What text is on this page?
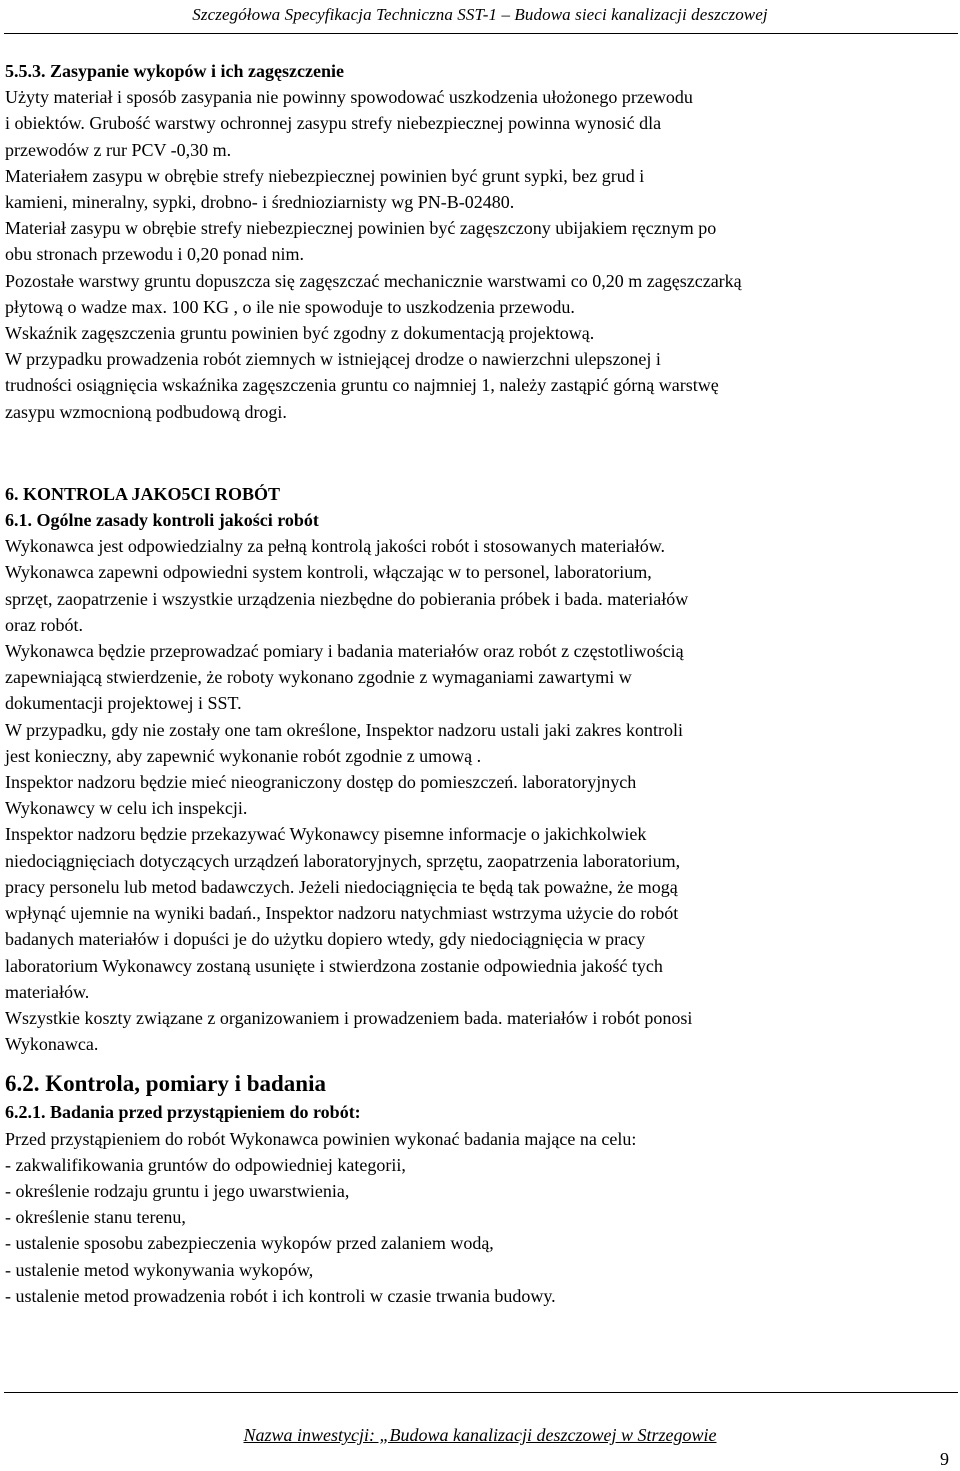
Szczegółowa Specyfikacja Techniczna SST-1 – Budowa sieci kanalizacji deszczowej
5.5.3. Zasypanie wykopów i ich zagęszczenie
Użyty materiał i sposób zasypania nie powinny spowodować uszkodzenia ułożonego przewodu
i obiektów. Grubość warstwy ochronnej zasypu strefy niebezpiecznej powinna wynosić dla
przewodów z rur PCV -0,30 m.
Materiałem zasypu w obrębie strefy niebezpiecznej powinien być grunt sypki, bez grud i
kamieni, mineralny, sypki, drobno- i średnioziarnisty wg PN-B-02480.
Materiał zasypu w obrębie strefy niebezpiecznej powinien być zagęszczony ubijakiem ręcznym po
obu stronach przewodu i 0,20 ponad nim.
Pozostałe warstwy gruntu dopuszcza się zagęszczać mechanicznie warstwami co 0,20 m zagęszczarką
płytową o wadze max. 100 KG , o ile nie spowoduje to uszkodzenia przewodu.
Wskaźnik zagęszczenia gruntu powinien być zgodny z dokumentacją projektową.
W przypadku prowadzenia robót ziemnych w istniejącej drodze o nawierzchni ulepszonej i
trudności osiągnięcia wskaźnika zagęszczenia gruntu co najmniej 1, należy zastąpić górną warstwę
zasypu wzmocnioną podbudową drogi.
6. KONTROLA JAKO5CI ROBÓT
6.1. Ogólne zasady kontroli jakości robót
Wykonawca jest odpowiedzialny za pełną kontrolą jakości robót i stosowanych materiałów.
Wykonawca zapewni odpowiedni system kontroli, włączając w to personel, laboratorium,
sprzęt, zaopatrzenie i wszystkie urządzenia niezbędne do pobierania próbek i bada. materiałów
oraz robót.
Wykonawca będzie przeprowadzać pomiary i badania materiałów oraz robót z częstotliwością
zapewniającą stwierdzenie, że roboty wykonano zgodnie z wymaganiami zawartymi w
dokumentacji projektowej i SST.
W przypadku, gdy nie zostały one tam określone, Inspektor nadzoru ustali jaki zakres kontroli
jest konieczny, aby zapewnić wykonanie robót zgodnie z umową .
Inspektor nadzoru będzie mieć nieograniczony dostęp do pomieszczeń. laboratoryjnych
Wykonawcy w celu ich inspekcji.
Inspektor nadzoru będzie przekazywać Wykonawcy pisemne informacje o jakichkolwiek
niedociągnięciach dotyczących urządzeń laboratoryjnych, sprzętu, zaopatrzenia laboratorium,
pracy personelu lub metod badawczych. Jeżeli niedociągnięcia te będą tak poważne, że mogą
wpłynąć ujemnie na wyniki badań., Inspektor nadzoru natychmiast wstrzyma użycie do robót
badanych materiałów i dopuści je do użytku dopiero wtedy, gdy niedociągnięcia w pracy
laboratorium Wykonawcy zostaną usunięte i stwierdzona zostanie odpowiednia jakość tych
materiałów.
Wszystkie koszty związane z organizowaniem i prowadzeniem bada. materiałów i robót ponosi
Wykonawca.
6.2. Kontrola, pomiary i badania
6.2.1. Badania przed przystąpieniem do robót:
Przed przystąpieniem do robót Wykonawca powinien wykonać badania mające na celu:
- zakwalifikowania gruntów do odpowiedniej kategorii,
- określenie rodzaju gruntu i jego uwarstwienia,
- określenie stanu terenu,
- ustalenie sposobu zabezpieczenia wykopów przed zalaniem wodą,
- ustalenie metod wykonywania wykopów,
- ustalenie metod prowadzenia robót i ich kontroli w czasie trwania budowy.
Nazwa inwestycji: „Budowa kanalizacji deszczowej w Strzegowie
9
